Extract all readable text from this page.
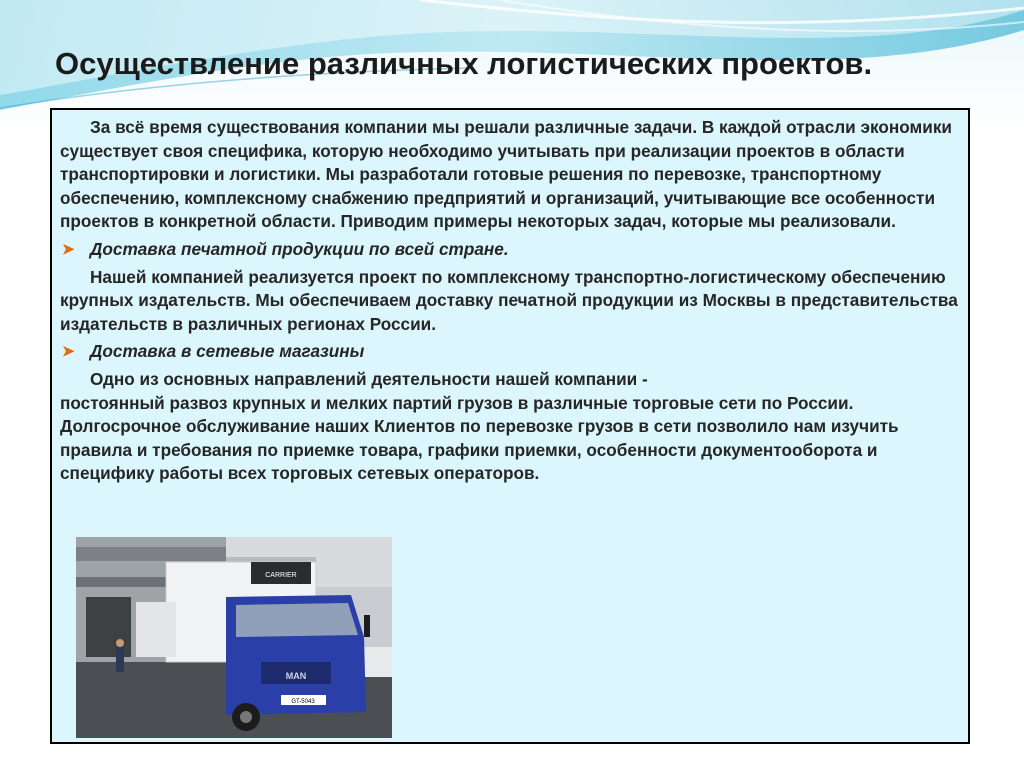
Осуществление различных логистических проектов.

За всё время существования компании мы решали различные задачи. В каждой отрасли экономики существует своя специфика, которую необходимо учитывать при реализации проектов в области транспортировки и логистики. Мы разработали готовые решения по перевозке, транспортному обеспечению, комплексному снабжению предприятий и организаций, учитывающие все особенности проектов в конкретной области. Приводим примеры некоторых задач, которые мы реализовали.

➤ Доставка печатной продукции по всей стране.

Нашей компанией реализуется проект по комплексному транспортно-логистическому обеспечению крупных издательств. Мы обеспечиваем доставку печатной продукции из Москвы в представительства издательств в различных регионах России.

➤ Доставка в сетевые магазины

Одно из основных направлений деятельности нашей компании -

постоянный развоз крупных и мелких партий грузов в различные торговые сети по России. Долгосрочное обслуживание наших Клиентов по перевозке грузов в сети позволило нам изучить правила и требования по приемке товара, графики приемки, особенности документооборота и специфику работы всех торговых сетевых операторов.

CARRIER
MAN
GT-5043
